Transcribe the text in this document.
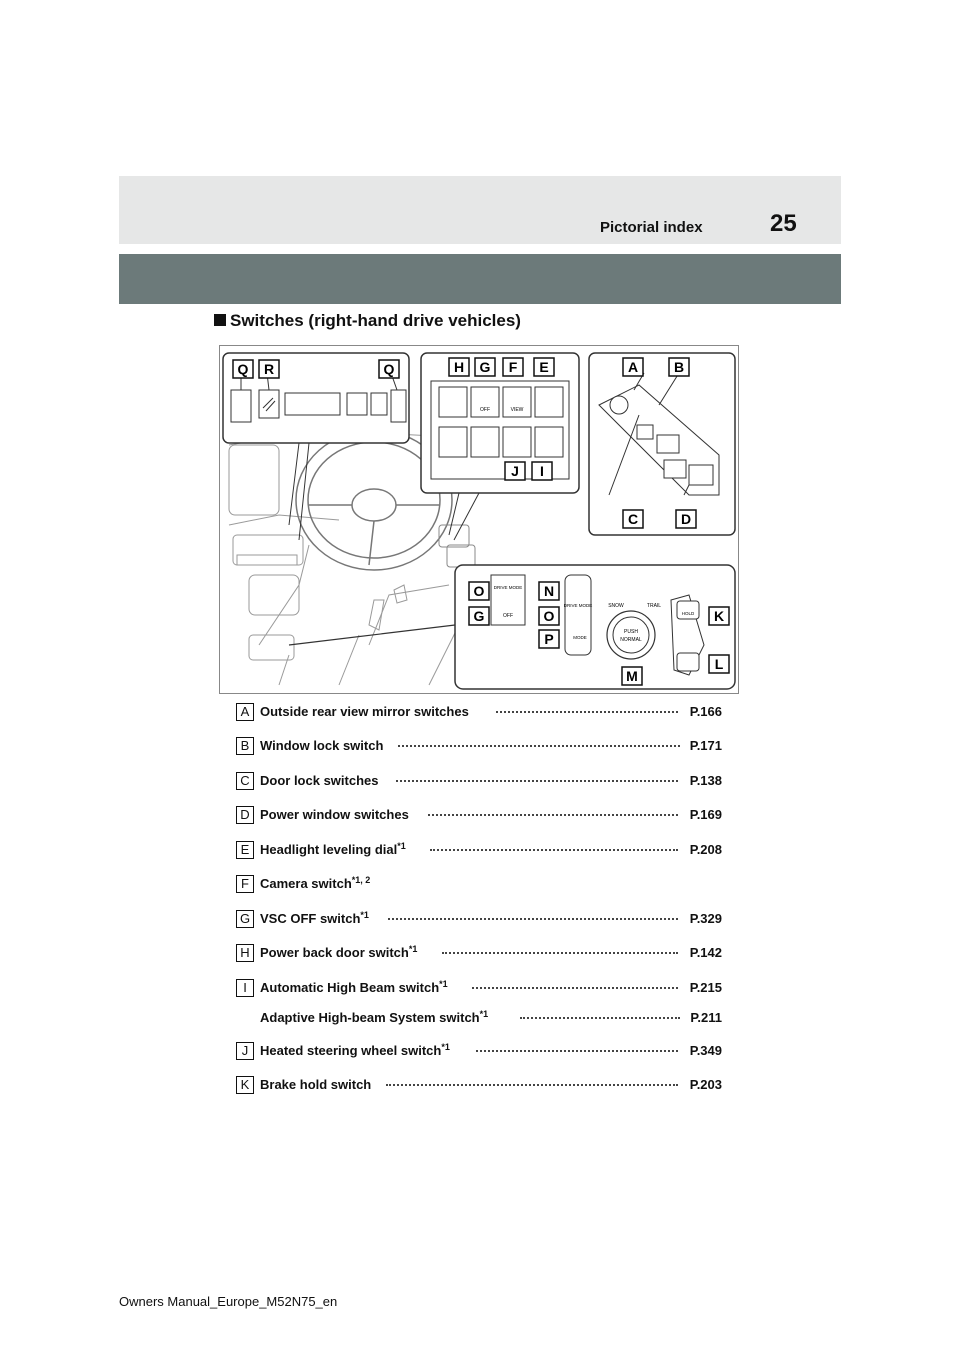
Pictorial index	25
Switches (right-hand drive vehicles)
Q R	Q
OFF	VIEW
H G F E
J I
A	B
C	D
DRIVE MODE
OFF
DRIVE MODE
MODE
SNOW	TRAIL
PUSH
NORMAL
HOLD
O
G
N
O
P
M
K
L
A Outside rear view mirror switches	P.166
B Window lock switch	P.171
C Door lock switches	P.138
D Power window switches	P.169
E Headlight leveling dial$^{*1}$	P.208
F Camera switch$^{*1, 2}$
G VSC OFF switch$^{*1}$	P.329
H Power back door switch$^{*1}$	P.142
I	Automatic High Beam switch$^{*1}$	P.215
Adaptive High-beam System switch$^{*1}$	P.211
J Heated steering wheel switch$^{*1}$	P.349
K Brake hold switch	P.203
Owners Manual_Europe_M52N75_en
